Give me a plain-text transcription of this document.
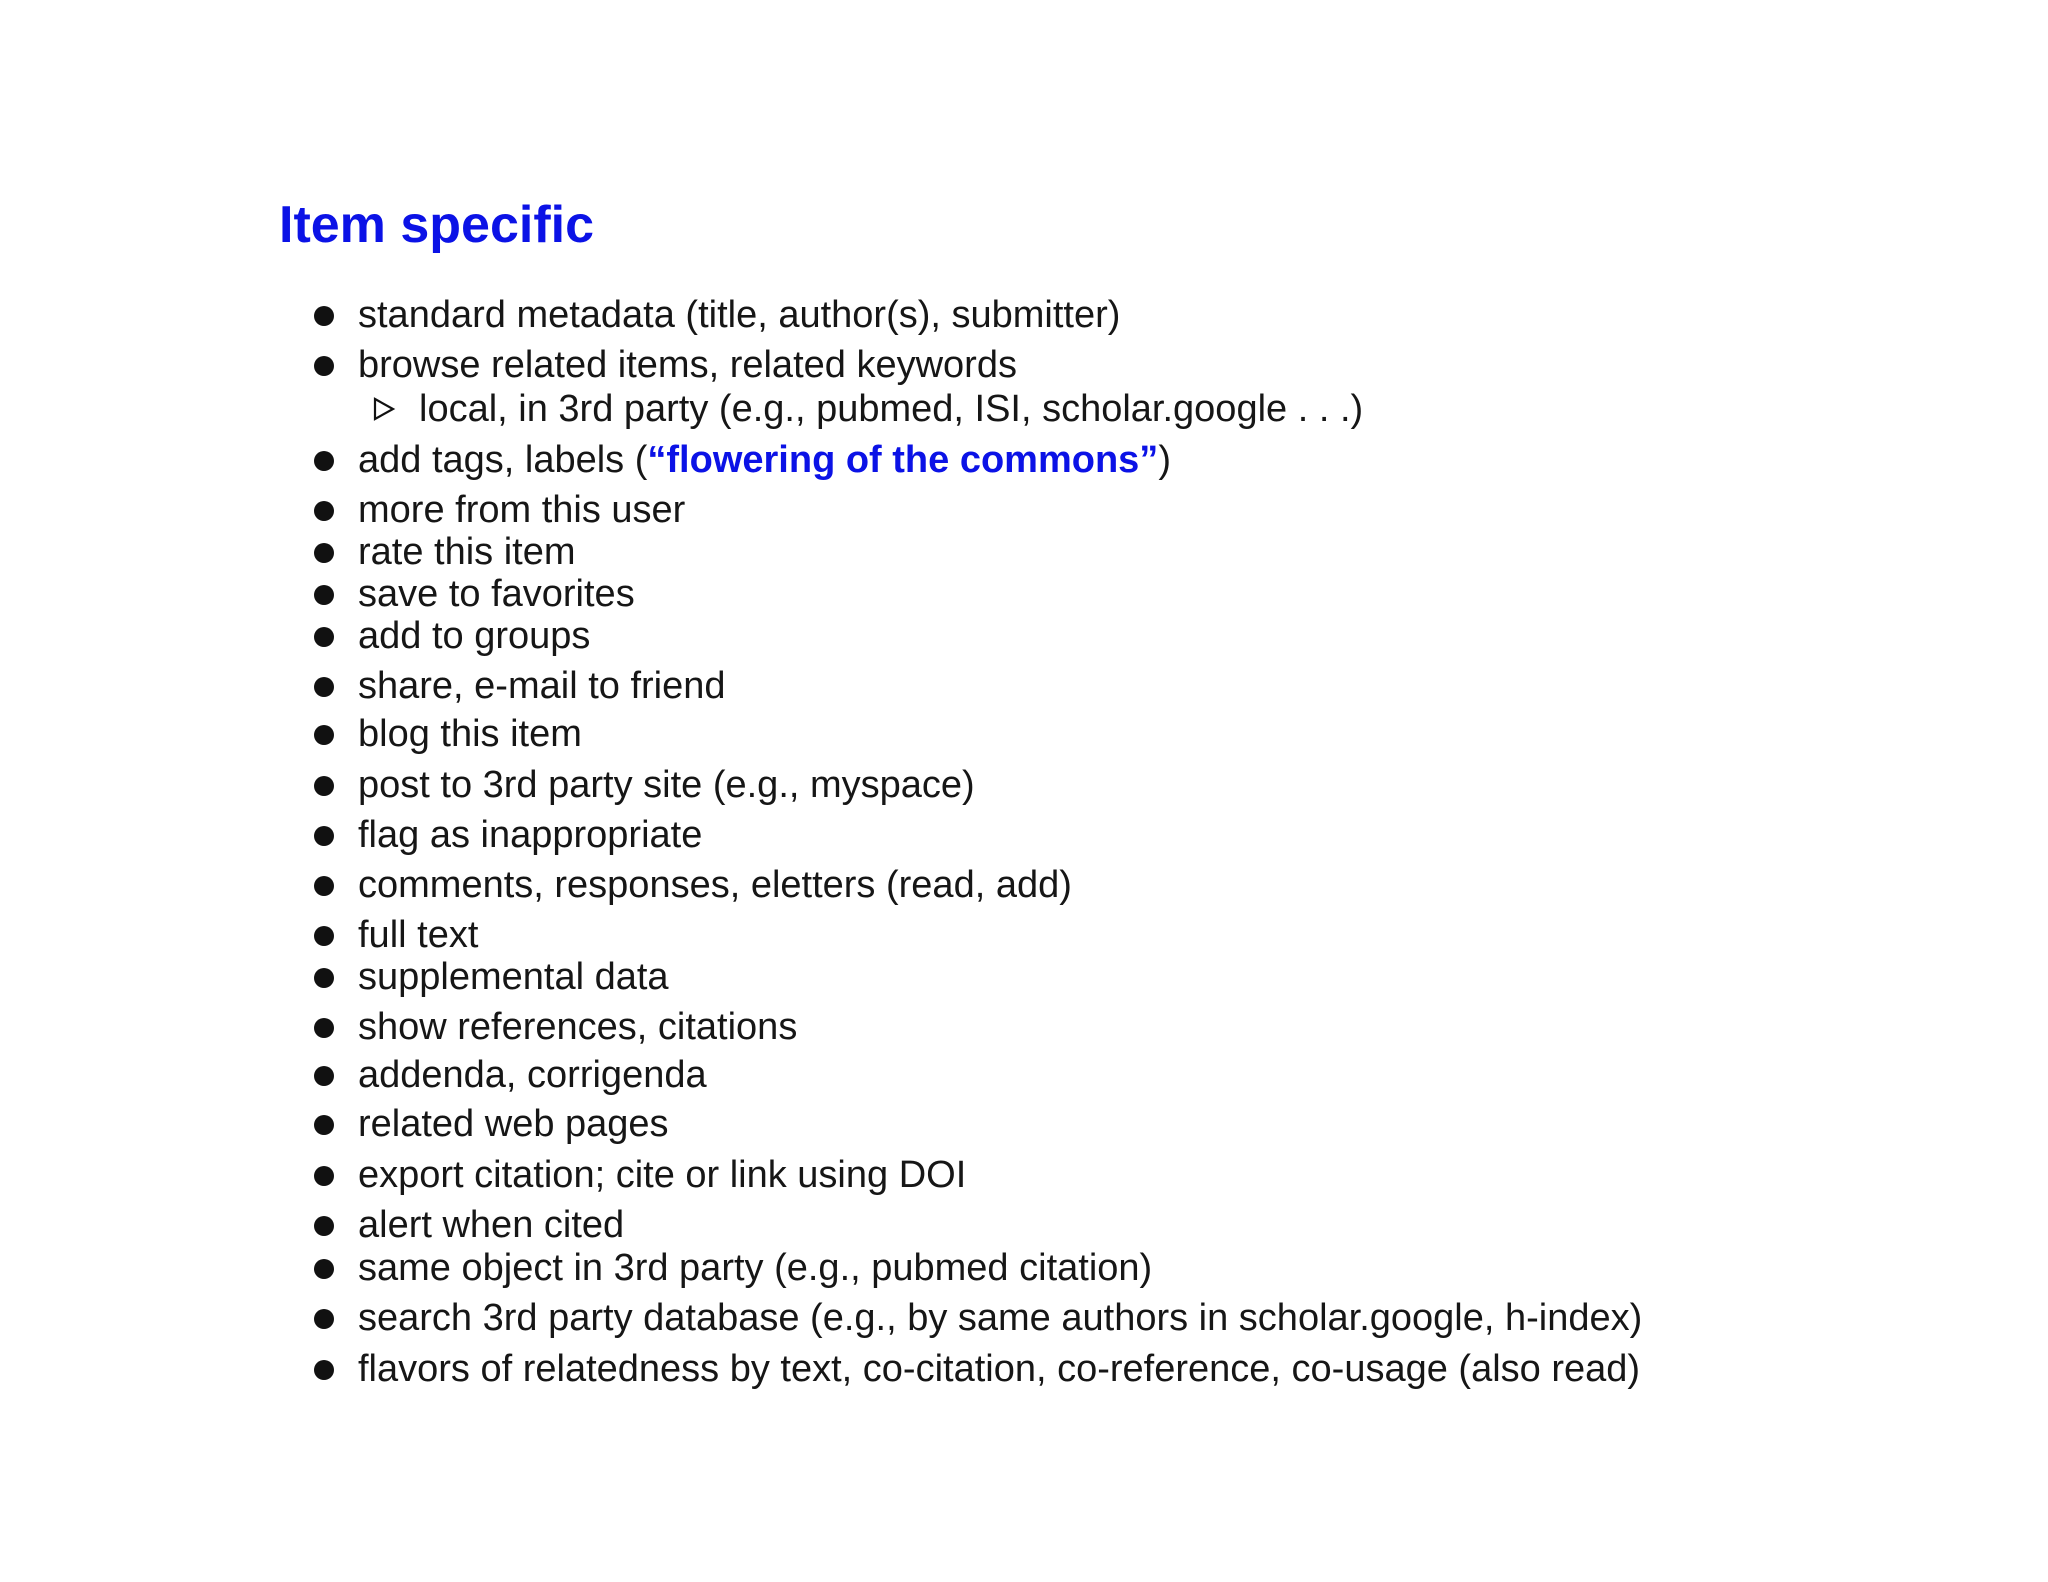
Item specific
standard metadata (title, author(s), submitter)
browse related items, related keywords
local, in 3rd party (e.g., pubmed, ISI, scholar.google . . .)
add tags, labels (“flowering of the commons”)
more from this user
rate this item
save to favorites
add to groups
share, e-mail to friend
blog this item
post to 3rd party site (e.g., myspace)
flag as inappropriate
comments, responses, eletters (read, add)
full text
supplemental data
show references, citations
addenda, corrigenda
related web pages
export citation; cite or link using DOI
alert when cited
same object in 3rd party (e.g., pubmed citation)
search 3rd party database (e.g., by same authors in scholar.google, h-index)
flavors of relatedness by text, co-citation, co-reference, co-usage (also read)
